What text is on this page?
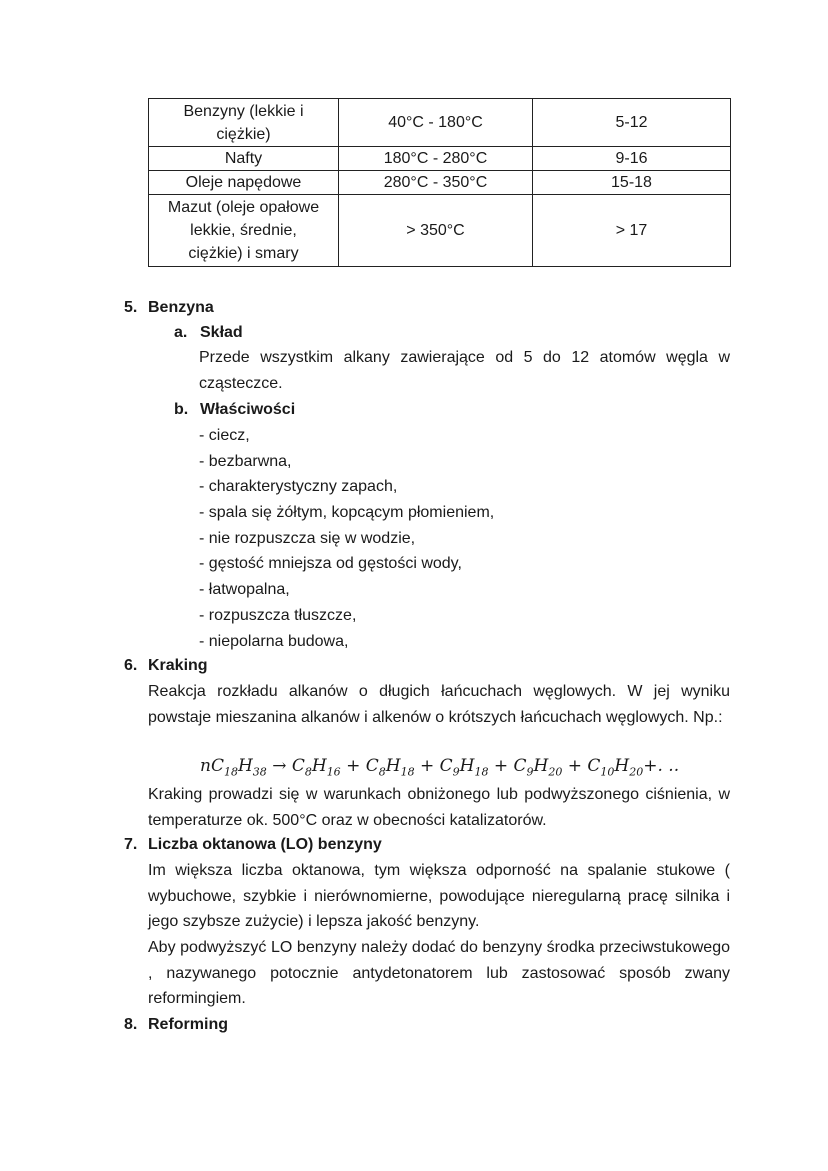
Benzyny (lekkie i
ciężkie)	40°C - 180°C	5-12
Nafty	180°C - 280°C	9-16
Oleje napędowe	280°C - 350°C	15-18
Mazut (oleje opałowe
lekkie, średnie,
ciężkie) i smary	> 350°C	> 17
5. Benzyna
a. Skład
Przede wszystkim alkany zawierające od 5 do 12 atomów węgla w cząsteczce.
b. Właściwości
- ciecz,
- bezbarwna,
- charakterystyczny zapach,
- spala się żółtym, kopcącym płomieniem,
- nie rozpuszcza się w wodzie,
- gęstość mniejsza od gęstości wody,
- łatwopalna,
- rozpuszcza tłuszcze,
- niepolarna budowa,
6. Kraking
Reakcja rozkładu alkanów o długich łańcuchach węglowych. W jej wyniku powstaje mieszanina alkanów i alkenów o krótszych łańcuchach węglowych. Np.:
$nC_{18}H_{38} \to C_8H_{16} + C_8H_{18} + C_9H_{18} + C_9H_{20} + C_{10}H_{20}+$. ..
Kraking prowadzi się w warunkach obniżonego lub podwyższonego ciśnienia, w temperaturze ok. 500°C oraz w obecności katalizatorów.
7. Liczba oktanowa (LO) benzyny
Im większa liczba oktanowa, tym większa odporność na spalanie stukowe ( wybuchowe, szybkie i nierównomierne, powodujące nieregularną pracę silnika i jego szybsze zużycie) i lepsza jakość benzyny.
Aby podwyższyć LO benzyny należy dodać do benzyny środka przeciwstukowego , nazywanego potocznie antydetonatorem lub zastosować sposób zwany reformingiem.
8. Reforming
